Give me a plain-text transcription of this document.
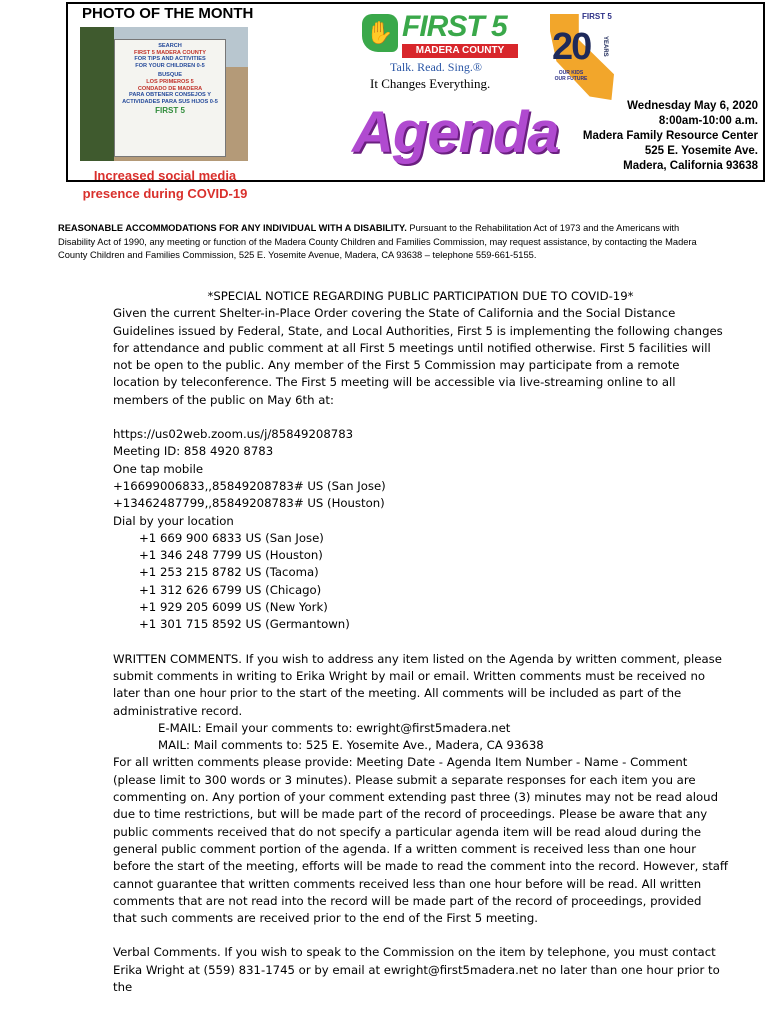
PHOTO OF THE MONTH
SEARCH
FIRST 5 MADERA COUNTY
FOR TIPS AND ACTIVITIES
FOR YOUR CHILDREN 0-5
BUSQUE
LOS PRIMEROS 5
CONDADO DE MADERA
PARA OBTENER CONSEJOS Y
ACTIVIDADES PARA SUS HIJOS 0-5
FIRST 5
Increased social media presence during COVID-19
✋ FIRST 5
MADERA COUNTY
Talk. Read. Sing.®
It Changes Everything.
FIRST 5
20 YEARS
OUR KIDS OUR FUTURE
Agenda	Wednesday May 6, 2020
8:00am-10:00 a.m.
Madera Family Resource Center
525 E. Yosemite Ave.
Madera, California 93638
REASONABLE ACCOMMODATIONS FOR ANY INDIVIDUAL WITH A DISABILITY. Pursuant to the Rehabilitation Act of 1973 and the Americans with Disability Act of 1990, any meeting or function of the Madera County Children and Families Commission, may request assistance, by contacting the Madera County Children and Families Commission, 525 E. Yosemite Avenue, Madera, CA 93638 – telephone 559-661-5155.

*SPECIAL NOTICE REGARDING PUBLIC PARTICIPATION DUE TO COVID-19*

Given the current Shelter-in-Place Order covering the State of California and the Social Distance Guidelines issued by Federal, State, and Local Authorities, First 5 is implementing the following changes for attendance and public comment at all First 5 meetings until notified otherwise. First 5 facilities will not be open to the public. Any member of the First 5 Commission may participate from a remote location by teleconference. The First 5 meeting will be accessible via live-streaming online to all members of the public on May 6th at:

https://us02web.zoom.us/j/85849208783

Meeting ID: 858 4920 8783

One tap mobile

+16699006833,,85849208783# US (San Jose)

+13462487799,,85849208783# US (Houston)

Dial by your location

+1 669 900 6833 US (San Jose)

+1 346 248 7799 US (Houston)

+1 253 215 8782 US (Tacoma)

+1 312 626 6799 US (Chicago)

+1 929 205 6099 US (New York)

+1 301 715 8592 US (Germantown)

WRITTEN COMMENTS. If you wish to address any item listed on the Agenda by written comment, please submit comments in writing to Erika Wright by mail or email. Written comments must be received no later than one hour prior to the start of the meeting. All comments will be included as part of the administrative record.

E-MAIL: Email your comments to: ewright@first5madera.net

MAIL: Mail comments to: 525 E. Yosemite Ave., Madera, CA 93638

For all written comments please provide: Meeting Date - Agenda Item Number - Name - Comment (please limit to 300 words or 3 minutes). Please submit a separate responses for each item you are commenting on. Any portion of your comment extending past three (3) minutes may not be read aloud due to time restrictions, but will be made part of the record of proceedings. Please be aware that any public comments received that do not specify a particular agenda item will be read aloud during the general public comment portion of the agenda. If a written comment is received less than one hour before the start of the meeting, efforts will be made to read the comment into the record. However, staff cannot guarantee that written comments received less than one hour before will be read. All written comments that are not read into the record will be made part of the record of proceedings, provided that such comments are received prior to the end of the First 5 meeting.

Verbal Comments. If you wish to speak to the Commission on the item by telephone, you must contact Erika Wright at (559) 831-1745 or by email at ewright@first5madera.net no later than one hour prior to the
